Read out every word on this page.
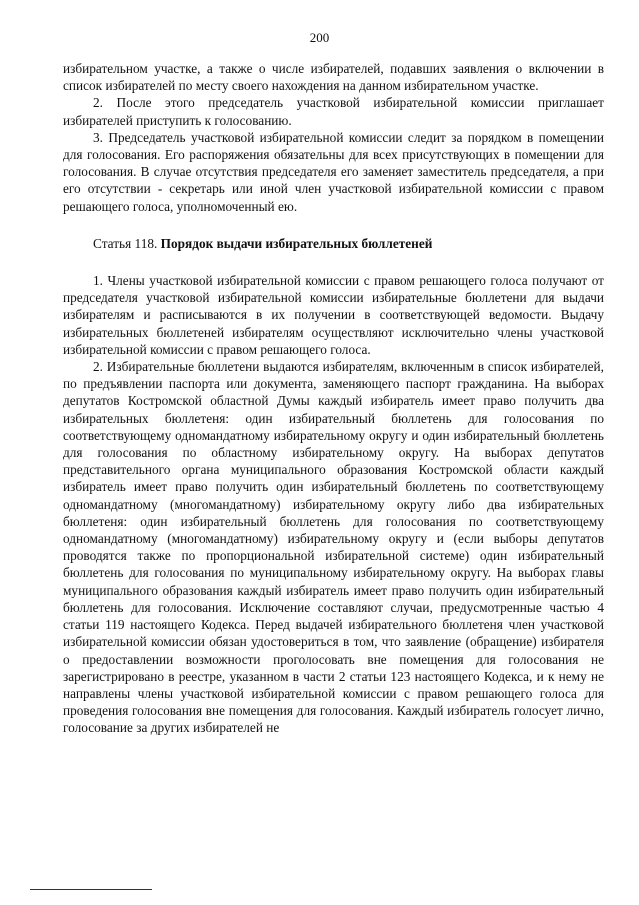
200

избирательном участке, а также о числе избирателей, подавших заявления о включении в список избирателей по месту своего нахождения на данном избирательном участке.

2. После этого председатель участковой избирательной комиссии приглашает избирателей приступить к голосованию.

3. Председатель участковой избирательной комиссии следит за порядком в помещении для голосования. Его распоряжения обязательны для всех присутствующих в помещении для голосования. В случае отсутствия председателя его заменяет заместитель председателя, а при его отсутствии - секретарь или иной член участковой избирательной комиссии с правом решающего голоса, уполномоченный ею.

Статья 118. Порядок выдачи избирательных бюллетеней

1. Члены участковой избирательной комиссии с правом решающего голоса получают от председателя участковой избирательной комиссии избирательные бюллетени для выдачи избирателям и расписываются в их получении в соответствующей ведомости. Выдачу избирательных бюллетеней избирателям осуществляют исключительно члены участковой избирательной комиссии с правом решающего голоса.

2. Избирательные бюллетени выдаются избирателям, включенным в список избирателей, по предъявлении паспорта или документа, заменяющего паспорт гражданина. На выборах депутатов Костромской областной Думы каждый избиратель имеет право получить два избирательных бюллетеня: один избирательный бюллетень для голосования по соответствующему одномандатному избирательному округу и один избирательный бюллетень для голосования по областному избирательному округу. На выборах депутатов представительного органа муниципального образования Костромской области каждый избиратель имеет право получить один избирательный бюллетень по соответствующему одномандатному (многомандатному) избирательному округу либо два избирательных бюллетеня: один избирательный бюллетень для голосования по соответствующему одномандатному (многомандатному) избирательному округу и (если выборы депутатов проводятся также по пропорциональной избирательной системе) один избирательный бюллетень для голосования по муниципальному избирательному округу. На выборах главы муниципального образования каждый избиратель имеет право получить один избирательный бюллетень для голосования. Исключение составляют случаи, предусмотренные частью 4 статьи 119 настоящего Кодекса. Перед выдачей избирательного бюллетеня член участковой избирательной комиссии обязан удостовериться в том, что заявление (обращение) избирателя о предоставлении возможности проголосовать вне помещения для голосования не зарегистрировано в реестре, указанном в части 2 статьи 123 настоящего Кодекса, и к нему не направлены члены участковой избирательной комиссии с правом решающего голоса для проведения голосования вне помещения для голосования. Каждый избиратель голосует лично, голосование за других избирателей не
